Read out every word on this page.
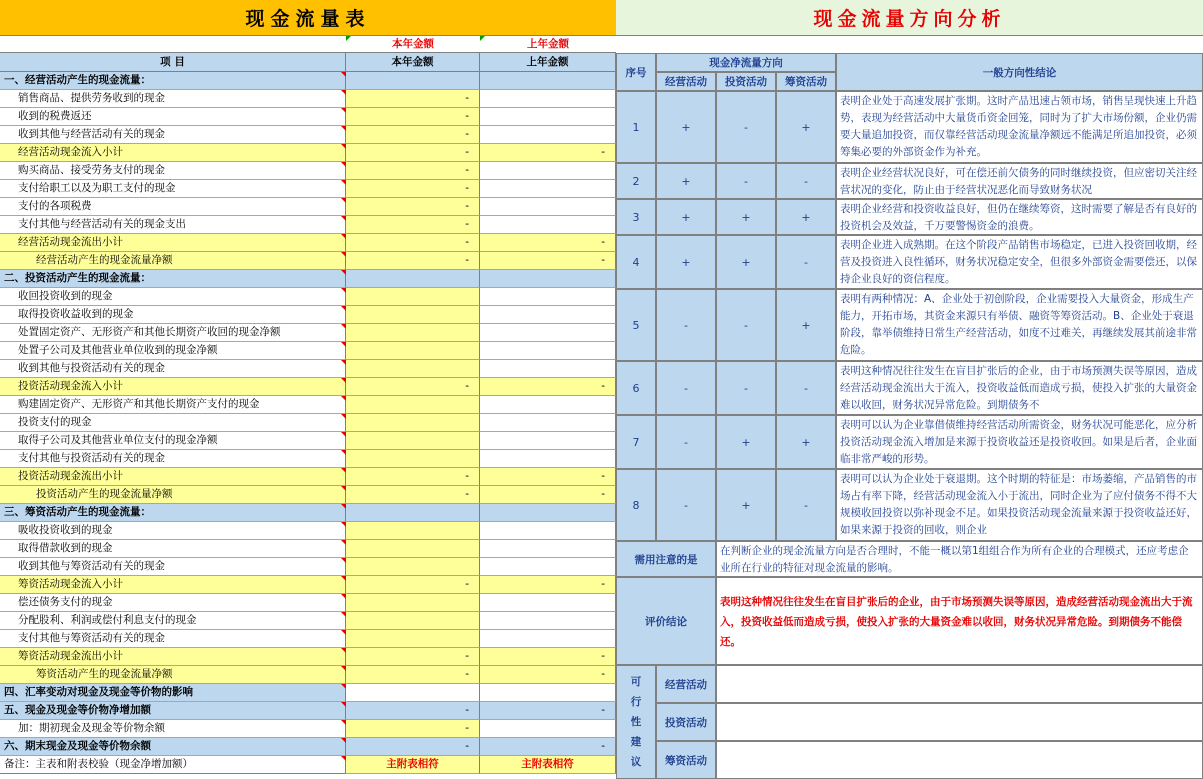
现金流量表	现金流量方向分析
本年金额	上年金额
项 目	本年金额	上年金额
一、经营活动产生的现金流量：
销售商品、提供劳务收到的现金	-
收到的税费返还	-
收到其他与经营活动有关的现金	-
经营活动现金流入小计	-	-
购买商品、接受劳务支付的现金	-
支付给职工以及为职工支付的现金	-
支付的各项税费	-
支付其他与经营活动有关的现金支出	-
经营活动现金流出小计	-	-
经营活动产生的现金流量净额	-	-
二、投资活动产生的现金流量：
收回投资收到的现金
取得投资收益收到的现金
处置固定资产、无形资产和其他长期资产收回的现金净额
处置子公司及其他营业单位收到的现金净额
收到其他与投资活动有关的现金
投资活动现金流入小计	-	-
购建固定资产、无形资产和其他长期资产支付的现金
投资支付的现金
取得子公司及其他营业单位支付的现金净额
支付其他与投资活动有关的现金
投资活动现金流出小计	-	-
投资活动产生的现金流量净额	-	-
三、筹资活动产生的现金流量：
吸收投资收到的现金
取得借款收到的现金
收到其他与筹资活动有关的现金
筹资活动现金流入小计	-	-
偿还债务支付的现金
分配股利、利润或偿付利息支付的现金
支付其他与筹资活动有关的现金
筹资活动现金流出小计	-	-
筹资活动产生的现金流量净额	-	-
四、汇率变动对现金及现金等价物的影响
五、现金及现金等价物净增加额	-	-
加：期初现金及现金等价物余额	-
六、期末现金及现金等价物余额	-	-
备注：主表和附表校验（现金净增加额）	主附表相符	主附表相符
序号
现金净流量方向
经营活动	投资活动	筹资活动
一般方向性结论
需用注意的是
在判断企业的现金流量方向是否合理时，不能一概以第1组组合作为所有企业的合理模式，还应考虑企业所在行业的特征对现金流量的影响。
评价结论
表明这种情况往往发生在盲目扩张后的企业，由于市场预测失误等原因，造成经营活动现金流出大于流入，投资收益低而造成亏损，使投入扩张的大量资金难以收回，财务状况异常危险。到期债务不能偿还。
可行性建议
经营活动
投资活动
筹资活动
1	+	-	+
表明企业处于高速发展扩张期。这时产品迅速占领市场，销售呈现快速上升趋势，表现为经营活动中大量货币资金回笼，同时为了扩大市场份额，企业仍需要大量追加投资，而仅靠经营活动现金流量净额远不能满足所追加投资，必须筹集必要的外部资金作为补充。
2	+	-	-
表明企业经营状况良好，可在偿还前欠债务的同时继续投资，但应密切关注经营状况的变化，防止由于经营状况恶化而导致财务状况
3	+	+	+
表明企业经营和投资收益良好，但仍在继续筹资，这时需要了解是否有良好的投资机会及效益，千万要警惕资金的浪费。
4	+	+	-
表明企业进入成熟期。在这个阶段产品销售市场稳定，已进入投资回收期，经营及投资进入良性循环，财务状况稳定安全，但很多外部资金需要偿还，以保持企业良好的资信程度。
5	-	-	+
表明有两种情况：A、企业处于初创阶段，企业需要投入大量资金，形成生产能力，开拓市场，其资金来源只有举债、融资等筹资活动。B、企业处于衰退阶段，靠举债维持日常生产经营活动，如度不过难关，再继续发展其前途非常危险。
6	-	-	-
表明这种情况往往发生在盲目扩张后的企业，由于市场预测失误等原因，造成经营活动现金流出大于流入，投资收益低而造成亏损，使投入扩张的大量资金难以收回，财务状况异常危险。到期债务不
7	-	+	+
表明可以认为企业靠借债维持经营活动所需资金，财务状况可能恶化，应分析投资活动现金流入增加是来源于投资收益还是投资收回。如果是后者，企业面临非常严峻的形势。
8	-	+	-
表明可以认为企业处于衰退期。这个时期的特征是：市场萎缩，产品销售的市场占有率下降，经营活动现金流入小于流出，同时企业为了应付债务不得不大规模收回投资以弥补现金不足。如果投资活动现金流量来源于投资收益还好，如果来源于投资的回收，则企业
